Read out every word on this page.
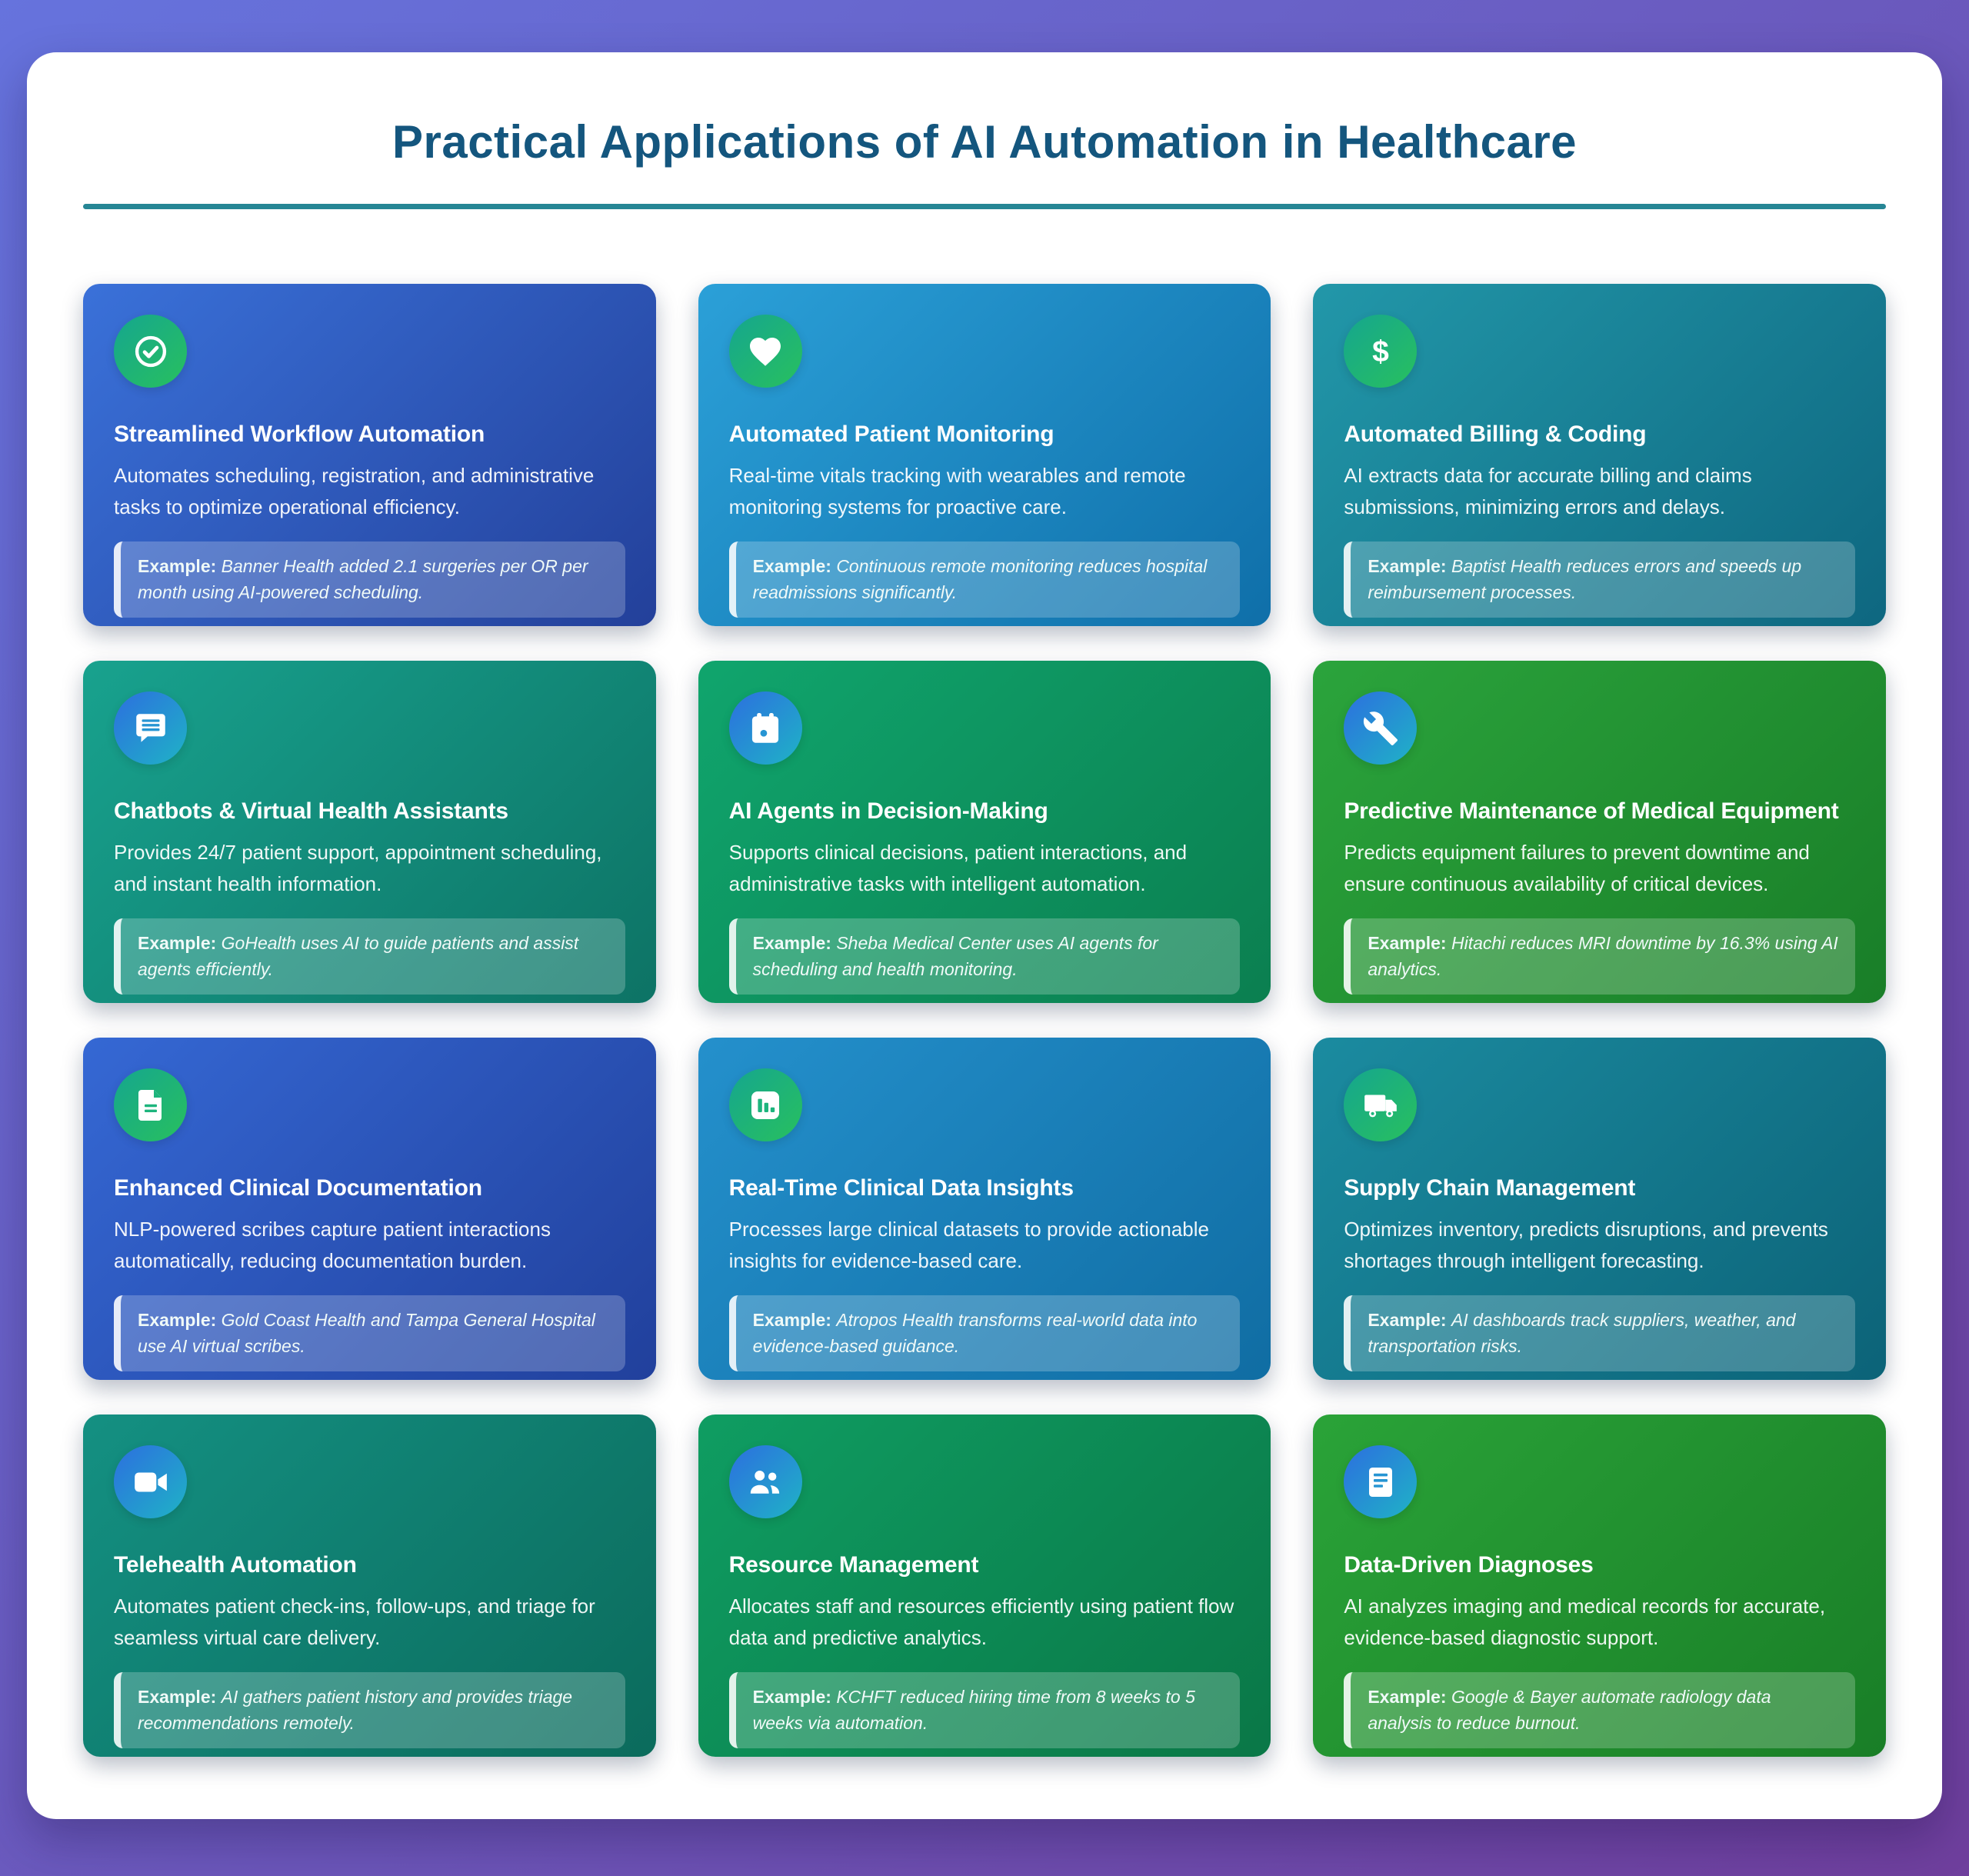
Practical Applications of AI Automation in Healthcare
Streamlined Workflow Automation

Automates scheduling, registration, and administrative tasks to optimize operational efficiency.

Example: Banner Health added 2.1 surgeries per OR per month using AI-powered scheduling.

Automated Patient Monitoring

Real-time vitals tracking with wearables and remote monitoring systems for proactive care.

Example: Continuous remote monitoring reduces hospital readmissions significantly.

$
Automated Billing & Coding

AI extracts data for accurate billing and claims submissions, minimizing errors and delays.

Example: Baptist Health reduces errors and speeds up reimbursement processes.

Chatbots & Virtual Health Assistants

Provides 24/7 patient support, appointment scheduling, and instant health information.

Example: GoHealth uses AI to guide patients and assist agents efficiently.

AI Agents in Decision-Making

Supports clinical decisions, patient interactions, and administrative tasks with intelligent automation.

Example: Sheba Medical Center uses AI agents for scheduling and health monitoring.

Predictive Maintenance of Medical Equipment

Predicts equipment failures to prevent downtime and ensure continuous availability of critical devices.

Example: Hitachi reduces MRI downtime by 16.3% using AI analytics.

Enhanced Clinical Documentation

NLP-powered scribes capture patient interactions automatically, reducing documentation burden.

Example: Gold Coast Health and Tampa General Hospital use AI virtual scribes.

Real-Time Clinical Data Insights

Processes large clinical datasets to provide actionable insights for evidence-based care.

Example: Atropos Health transforms real-world data into evidence-based guidance.

Supply Chain Management

Optimizes inventory, predicts disruptions, and prevents shortages through intelligent forecasting.

Example: AI dashboards track suppliers, weather, and transportation risks.

Telehealth Automation

Automates patient check-ins, follow-ups, and triage for seamless virtual care delivery.

Example: AI gathers patient history and provides triage recommendations remotely.

Resource Management

Allocates staff and resources efficiently using patient flow data and predictive analytics.

Example: KCHFT reduced hiring time from 8 weeks to 5 weeks via automation.

Data-Driven Diagnoses

AI analyzes imaging and medical records for accurate, evidence-based diagnostic support.

Example: Google & Bayer automate radiology data analysis to reduce burnout.
